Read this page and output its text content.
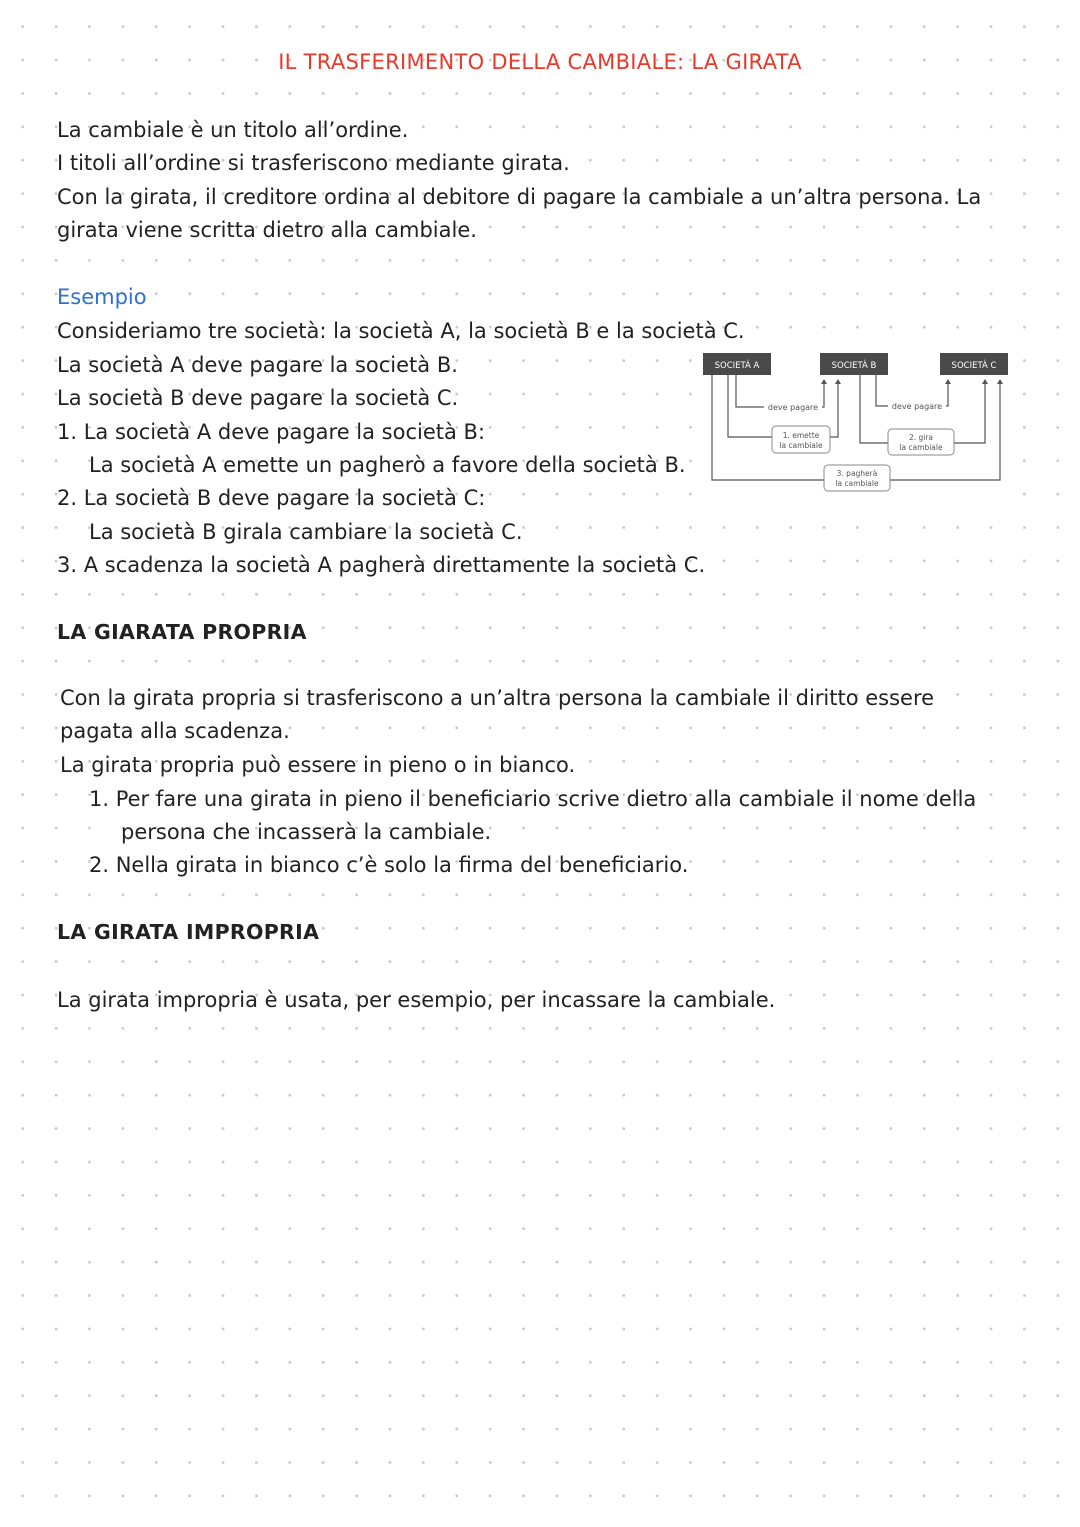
IL TRASFERIMENTO DELLA CAMBIALE: LA GIRATA
La cambiale è un titolo all’ordine.
I titoli all’ordine si trasferiscono mediante girata.
Con la girata, il creditore ordina al debitore di pagare la cambiale a un’altra persona. La
girata viene scritta dietro alla cambiale.
Esempio
Consideriamo tre società: la società A, la società B e la società C.
La società A deve pagare la società B.
La società B deve pagare la società C.
1. La società A deve pagare la società B:
La società A emette un pagherò a favore della società B.
2. La società B deve pagare la società C:
La società B girala cambiare la società C.
3. A scadenza la società A pagherà direttamente la società C.
SOCIETÀ A	SOCIETÀ B	SOCIETÀ C
deve pagare	deve pagare
1. emette
la cambiale
2. gira
la cambiale
3. pagherà
la cambiale
LA GIARATA PROPRIA
Con la girata propria si trasferiscono a un’altra persona la cambiale il diritto essere
pagata alla scadenza.
La girata propria può essere in pieno o in bianco.
1. Per fare una girata in pieno il beneficiario scrive dietro alla cambiale il nome della
persona che incasserà la cambiale.
2. Nella girata in bianco c’è solo la firma del beneficiario.
LA GIRATA IMPROPRIA
La girata impropria è usata, per esempio, per incassare la cambiale.
